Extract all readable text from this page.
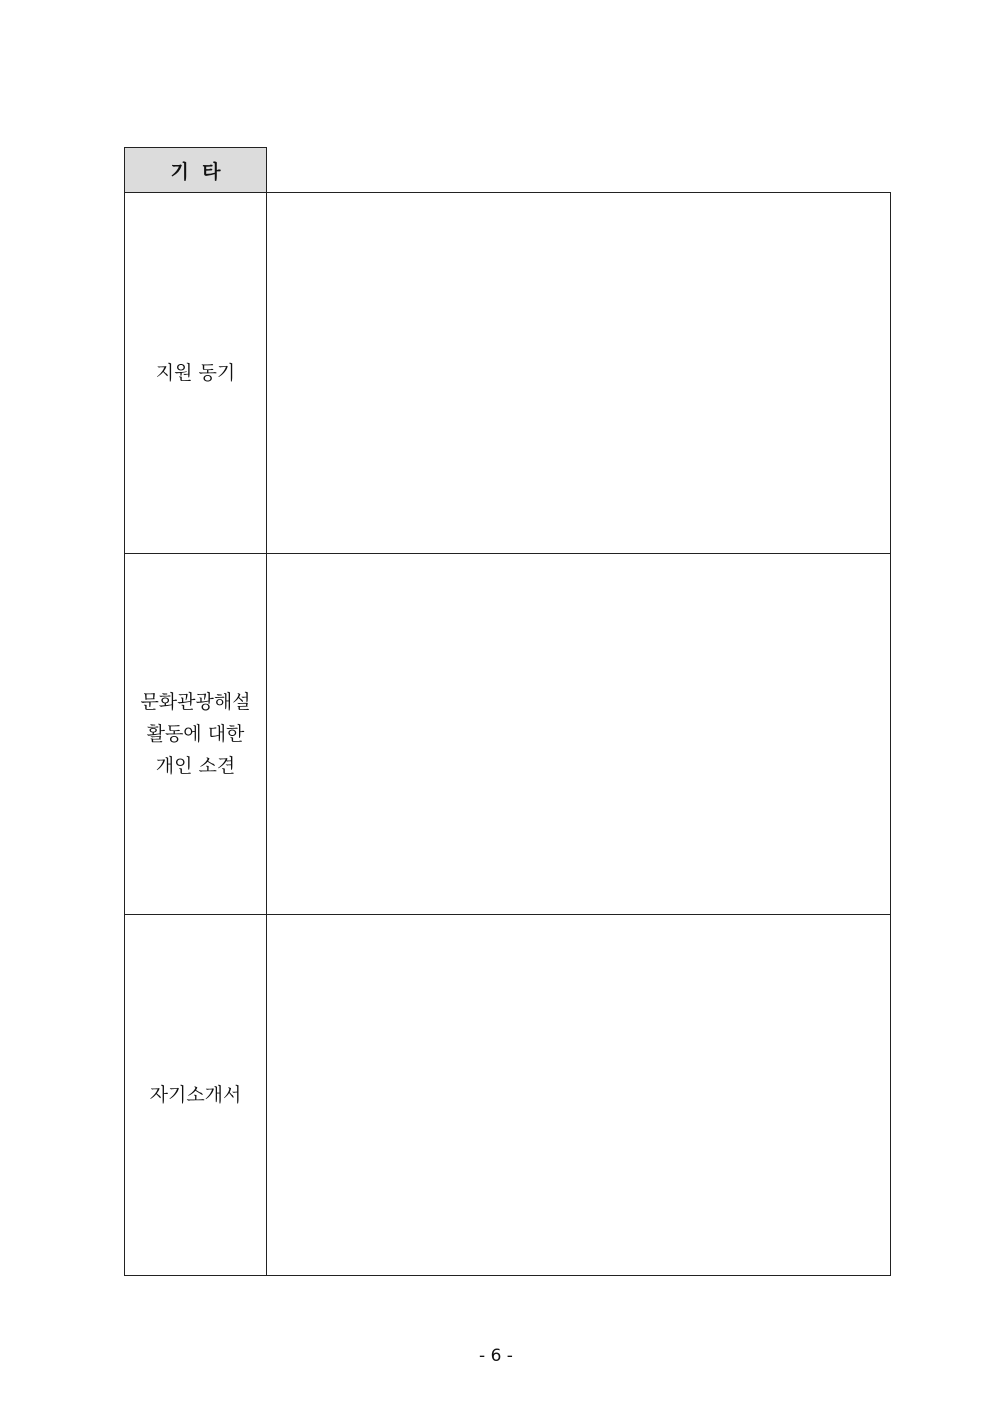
기  타
지원 동기	

문화관광해설
활동에 대한
개인 소견	

자기소개서	

- 6 -
